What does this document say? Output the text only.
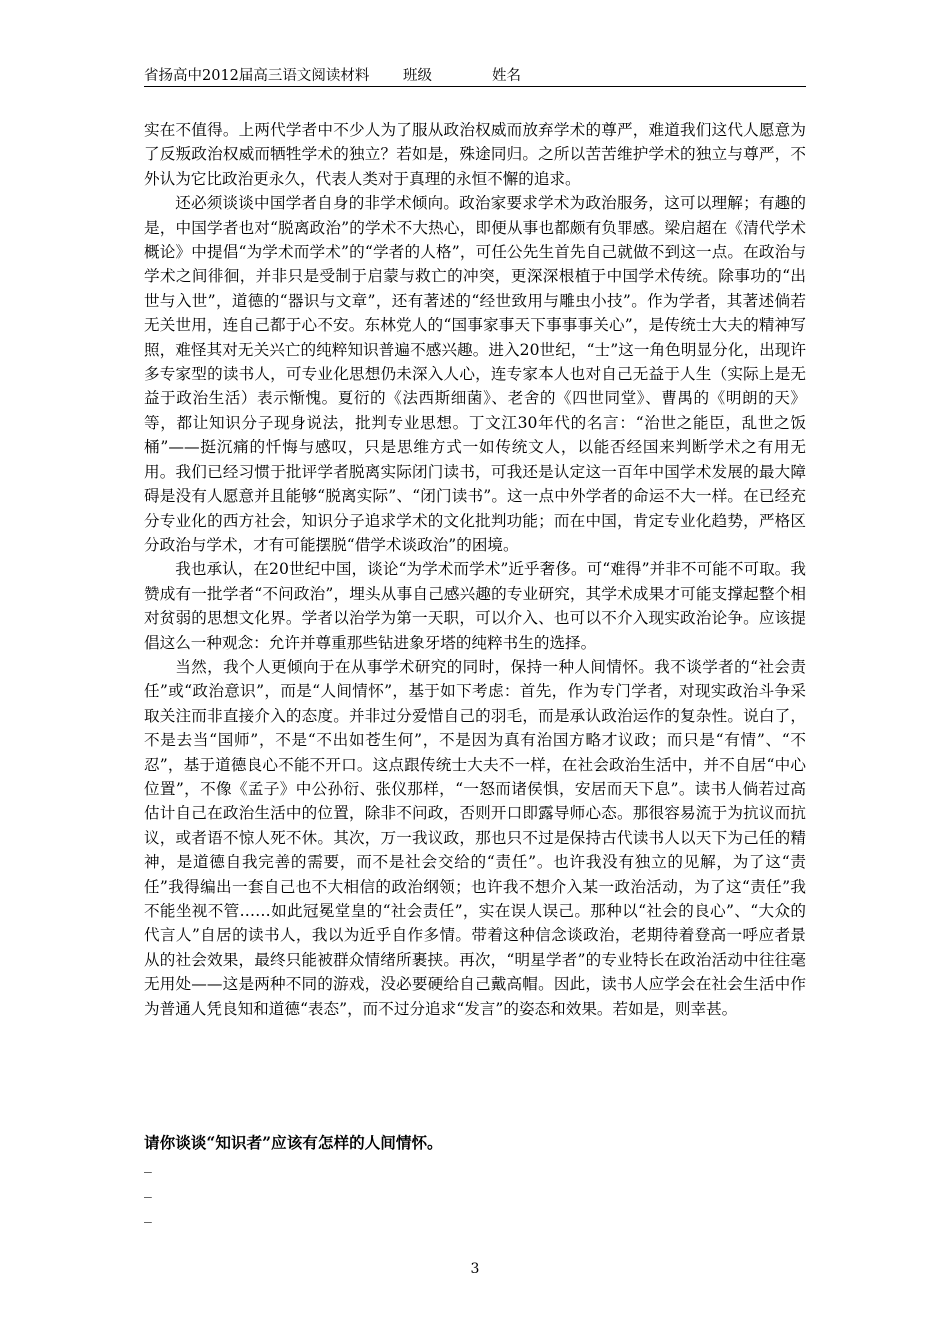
省扬高中2012届高三语文阅读材料 班级	姓名

实在不值得。上两代学者中不少人为了服从政治权威而放弃学术的尊严，难道我们这代人愿意为了反叛政治权威而牺牲学术的独立？若如是，殊途同归。之所以苦苦维护学术的独立与尊严，不外认为它比政治更永久，代表人类对于真理的永恒不懈的追求。

还必须谈谈中国学者自身的非学术倾向。政治家要求学术为政治服务，这可以理解；有趣的是，中国学者也对“脱离政治”的学术不大热心，即便从事也都颇有负罪感。梁启超在《清代学术概论》中提倡“为学术而学术”的“学者的人格”，可任公先生首先自己就做不到这一点。在政治与学术之间徘徊，并非只是受制于启蒙与救亡的冲突，更深深根植于中国学术传统。除事功的“出世与入世”，道德的“器识与文章”，还有著述的“经世致用与雕虫小技”。作为学者，其著述倘若无关世用，连自己都于心不安。东林党人的“国事家事天下事事事关心”，是传统士大夫的精神写照，难怪其对无关兴亡的纯粹知识普遍不感兴趣。进入20世纪，“士”这一角色明显分化，出现许多专家型的读书人，可专业化思想仍未深入人心，连专家本人也对自己无益于人生（实际上是无益于政治生活）表示惭愧。夏衍的《法西斯细菌》、老舍的《四世同堂》、曹禺的《明朗的天》等，都让知识分子现身说法，批判专业思想。丁文江30年代的名言：“治世之能臣，乱世之饭桶”——挺沉痛的忏悔与感叹，只是思维方式一如传统文人，以能否经国来判断学术之有用无用。我们已经习惯于批评学者脱离实际闭门读书，可我还是认定这一百年中国学术发展的最大障碍是没有人愿意并且能够“脱离实际”、“闭门读书”。这一点中外学者的命运不大一样。在已经充分专业化的西方社会，知识分子追求学术的文化批判功能；而在中国，肯定专业化趋势，严格区分政治与学术，才有可能摆脱“借学术谈政治”的困境。

我也承认，在20世纪中国，谈论“为学术而学术”近乎奢侈。可“难得”并非不可能不可取。我赞成有一批学者“不问政治”，埋头从事自己感兴趣的专业研究，其学术成果才可能支撑起整个相对贫弱的思想文化界。学者以治学为第一天职，可以介入、也可以不介入现实政治论争。应该提倡这么一种观念：允许并尊重那些钻进象牙塔的纯粹书生的选择。

当然，我个人更倾向于在从事学术研究的同时，保持一种人间情怀。我不谈学者的“社会责任”或“政治意识”，而是“人间情怀”，基于如下考虑：首先，作为专门学者，对现实政治斗争采取关注而非直接介入的态度。并非过分爱惜自己的羽毛，而是承认政治运作的复杂性。说白了，不是去当“国师”，不是“不出如苍生何”，不是因为真有治国方略才议政；而只是“有情”、“不忍”，基于道德良心不能不开口。这点跟传统士大夫不一样，在社会政治生活中，并不自居“中心位置”，不像《孟子》中公孙衍、张仪那样，“一怒而诸侯惧，安居而天下息”。读书人倘若过高估计自己在政治生活中的位置，除非不问政，否则开口即露导师心态。那很容易流于为抗议而抗议，或者语不惊人死不休。其次，万一我议政，那也只不过是保持古代读书人以天下为己任的精神，是道德自我完善的需要，而不是社会交给的“责任”。也许我没有独立的见解，为了这“责任”我得编出一套自己也不大相信的政治纲领；也许我不想介入某一政治活动，为了这“责任”我不能坐视不管……如此冠冕堂皇的“社会责任”，实在误人误己。那种以“社会的良心”、“大众的代言人”自居的读书人，我以为近乎自作多情。带着这种信念谈政治，老期待着登高一呼应者景从的社会效果，最终只能被群众情绪所裹挟。再次，“明星学者”的专业特长在政治活动中往往毫无用处——这是两种不同的游戏，没必要硬给自己戴高帽。因此，读书人应学会在社会生活中作为普通人凭良知和道德“表态”，而不过分追求“发言”的姿态和效果。若如是，则幸甚。

请你谈谈“知识者”应该有怎样的人间情怀。
_
_
_
3
